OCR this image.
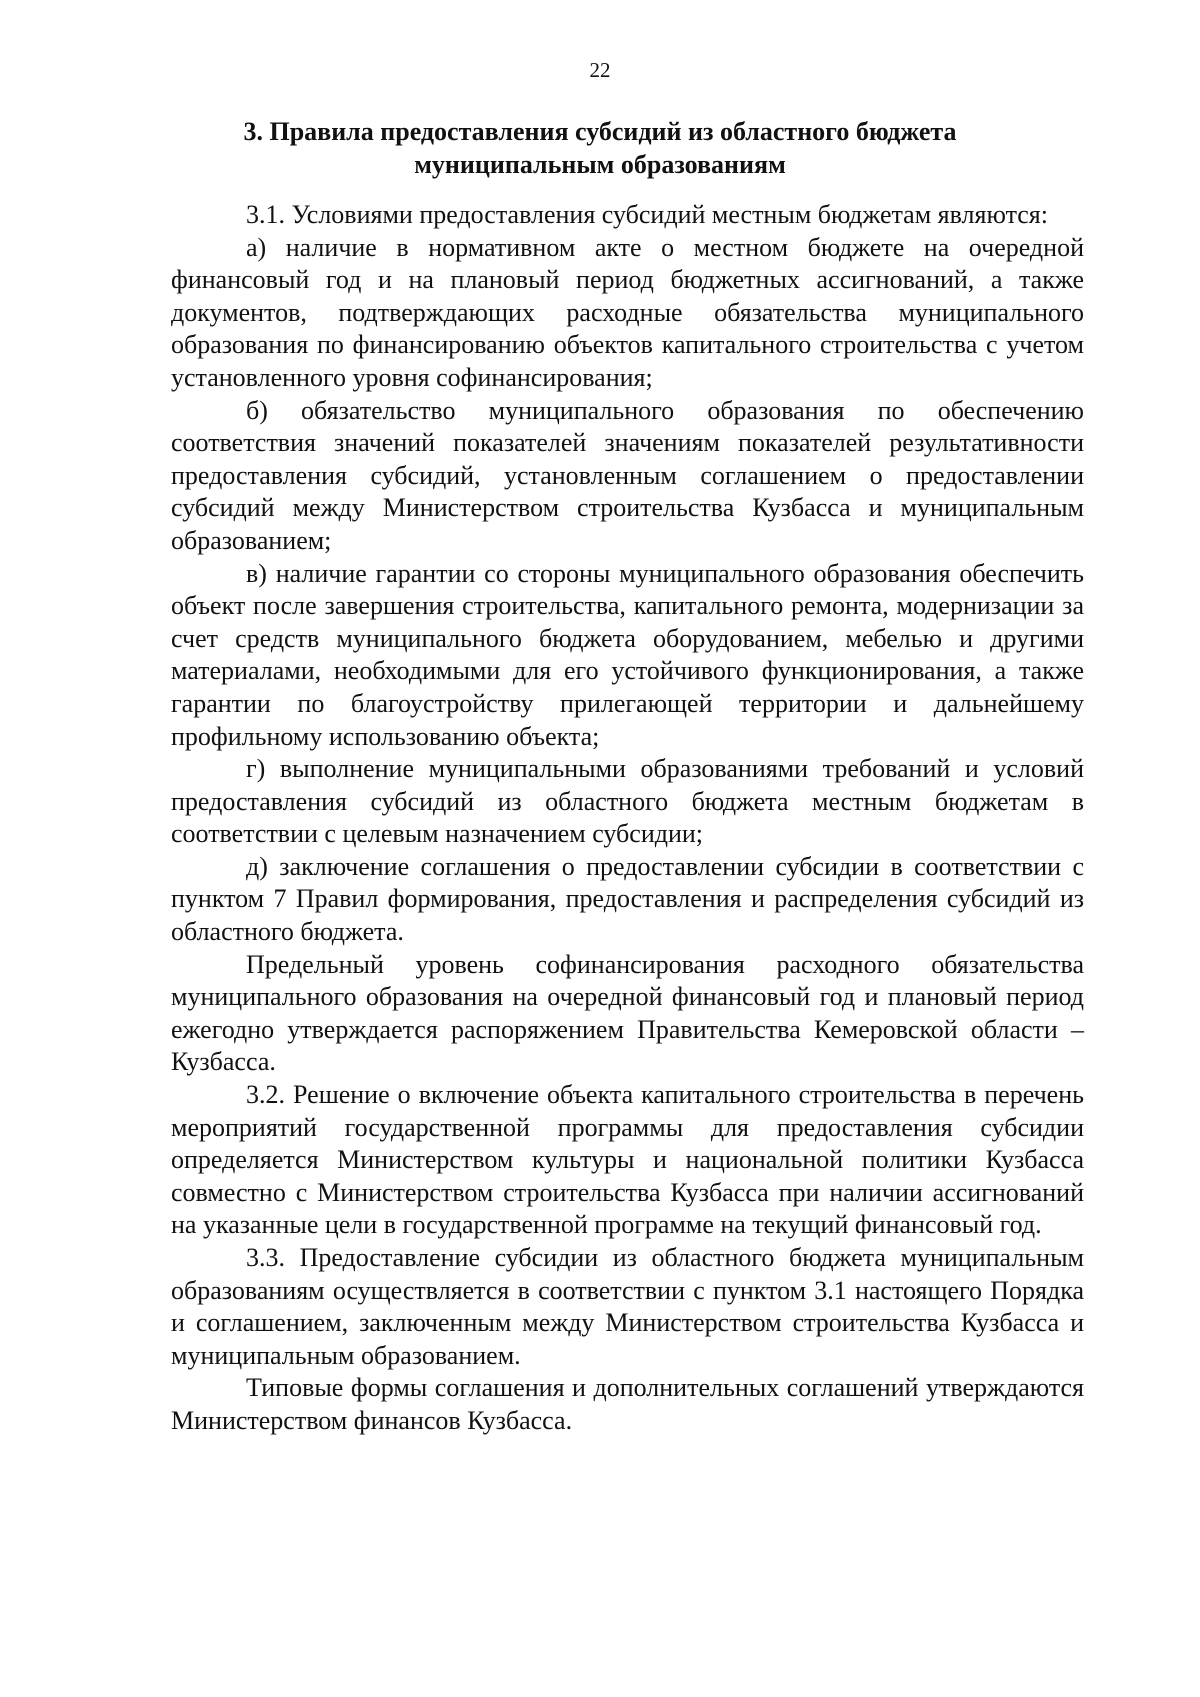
22
3. Правила предоставления субсидий из областного бюджета
муниципальным образованиям

3.1. Условиями предоставления субсидий местным бюджетам являются:

а) наличие в нормативном акте о местном бюджете на очередной финансовый год и на плановый период бюджетных ассигнований, а также документов, подтверждающих расходные обязательства муниципального образования по финансированию объектов капитального строительства с учетом установленного уровня софинансирования;

б) обязательство муниципального образования по обеспечению соответствия значений показателей значениям показателей результативности предоставления субсидий, установленным соглашением о предоставлении субсидий между Министерством строительства Кузбасса и муниципальным образованием;

в) наличие гарантии со стороны муниципального образования обеспечить объект после завершения строительства, капитального ремонта, модернизации за счет средств муниципального бюджета оборудованием, мебелью и другими материалами, необходимыми для его устойчивого функционирования, а также гарантии по благоустройству прилегающей территории и дальнейшему профильному использованию объекта;

г) выполнение муниципальными образованиями требований и условий предоставления субсидий из областного бюджета местным бюджетам в соответствии с целевым назначением субсидии;

д) заключение соглашения о предоставлении субсидии в соответствии с пунктом 7 Правил формирования, предоставления и распределения субсидий из областного бюджета.

Предельный уровень софинансирования расходного обязательства муниципального образования на очередной финансовый год и плановый период ежегодно утверждается распоряжением Правительства Кемеровской области – Кузбасса.

3.2. Решение о включение объекта капитального строительства в перечень мероприятий государственной программы для предоставления субсидии определяется Министерством культуры и национальной политики Кузбасса совместно с Министерством строительства Кузбасса при наличии ассигнований на указанные цели в государственной программе на текущий финансовый год.

3.3. Предоставление субсидии из областного бюджета муниципальным образованиям осуществляется в соответствии с пунктом 3.1 настоящего Порядка и соглашением, заключенным между Министерством строительства Кузбасса и муниципальным образованием.

Типовые формы соглашения и дополнительных соглашений утверждаются Министерством финансов Кузбасса.
